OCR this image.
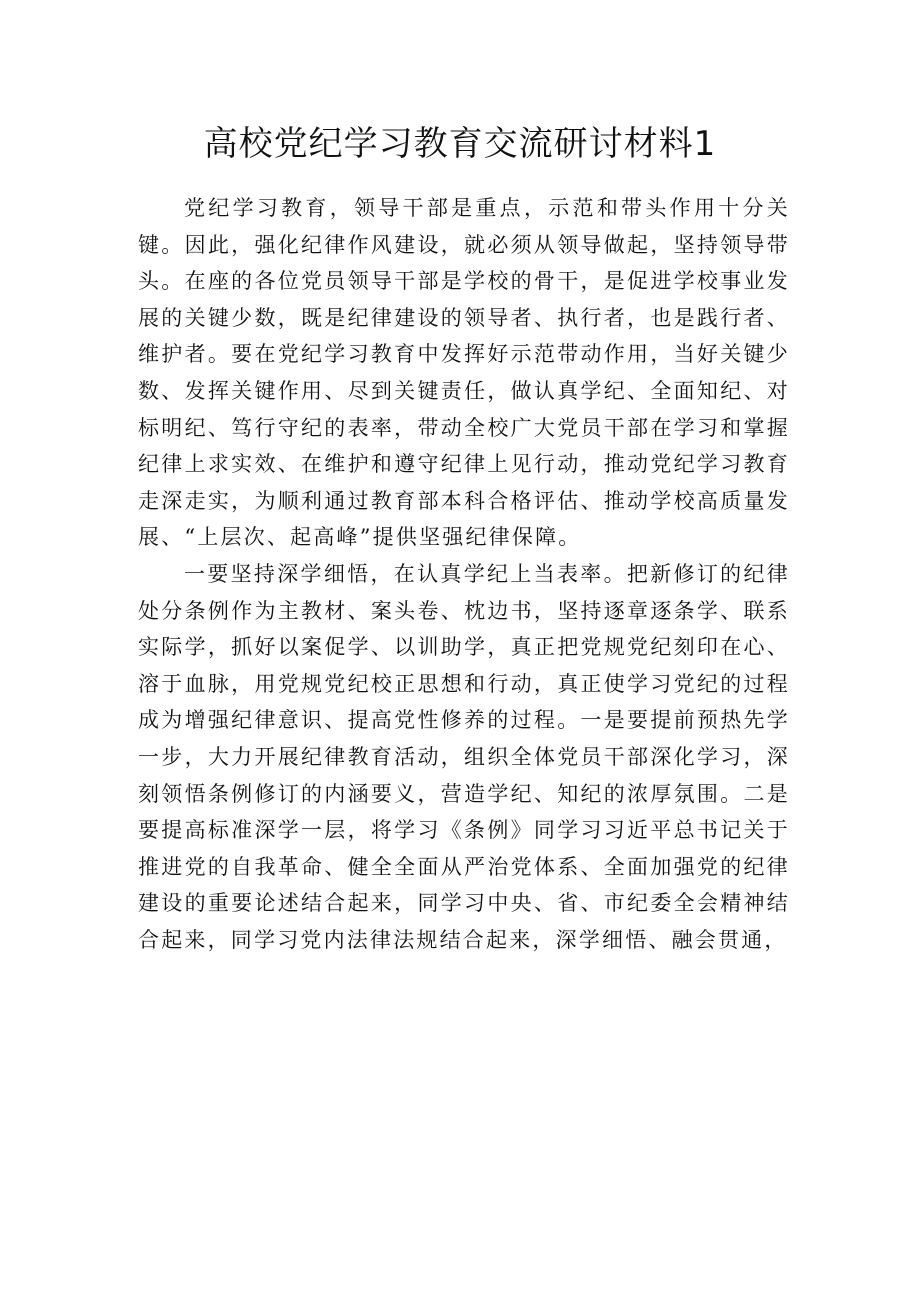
高校党纪学习教育交流研讨材料1

党纪学习教育，领导干部是重点，示范和带头作用十分关键。因此，强化纪律作风建设，就必须从领导做起，坚持领导带头。在座的各位党员领导干部是学校的骨干，是促进学校事业发展的关键少数，既是纪律建设的领导者、执行者，也是践行者、维护者。要在党纪学习教育中发挥好示范带动作用，当好关键少数、发挥关键作用、尽到关键责任，做认真学纪、全面知纪、对标明纪、笃行守纪的表率，带动全校广大党员干部在学习和掌握纪律上求实效、在维护和遵守纪律上见行动，推动党纪学习教育走深走实，为顺利通过教育部本科合格评估、推动学校高质量发展、“上层次、起高峰”提供坚强纪律保障。

一要坚持深学细悟，在认真学纪上当表率。把新修订的纪律处分条例作为主教材、案头卷、枕边书，坚持逐章逐条学、联系实际学，抓好以案促学、以训助学，真正把党规党纪刻印在心、溶于血脉，用党规党纪校正思想和行动，真正使学习党纪的过程成为增强纪律意识、提高党性修养的过程。一是要提前预热先学一步，大力开展纪律教育活动，组织全体党员干部深化学习，深刻领悟条例修订的内涵要义，营造学纪、知纪的浓厚氛围。二是要提高标准深学一层，将学习《条例》同学习习近平总书记关于推进党的自我革命、健全全面从严治党体系、全面加强党的纪律建设的重要论述结合起来，同学习中央、省、市纪委全会精神结合起来，同学习党内法律法规结合起来，深学细悟、融会贯通，
